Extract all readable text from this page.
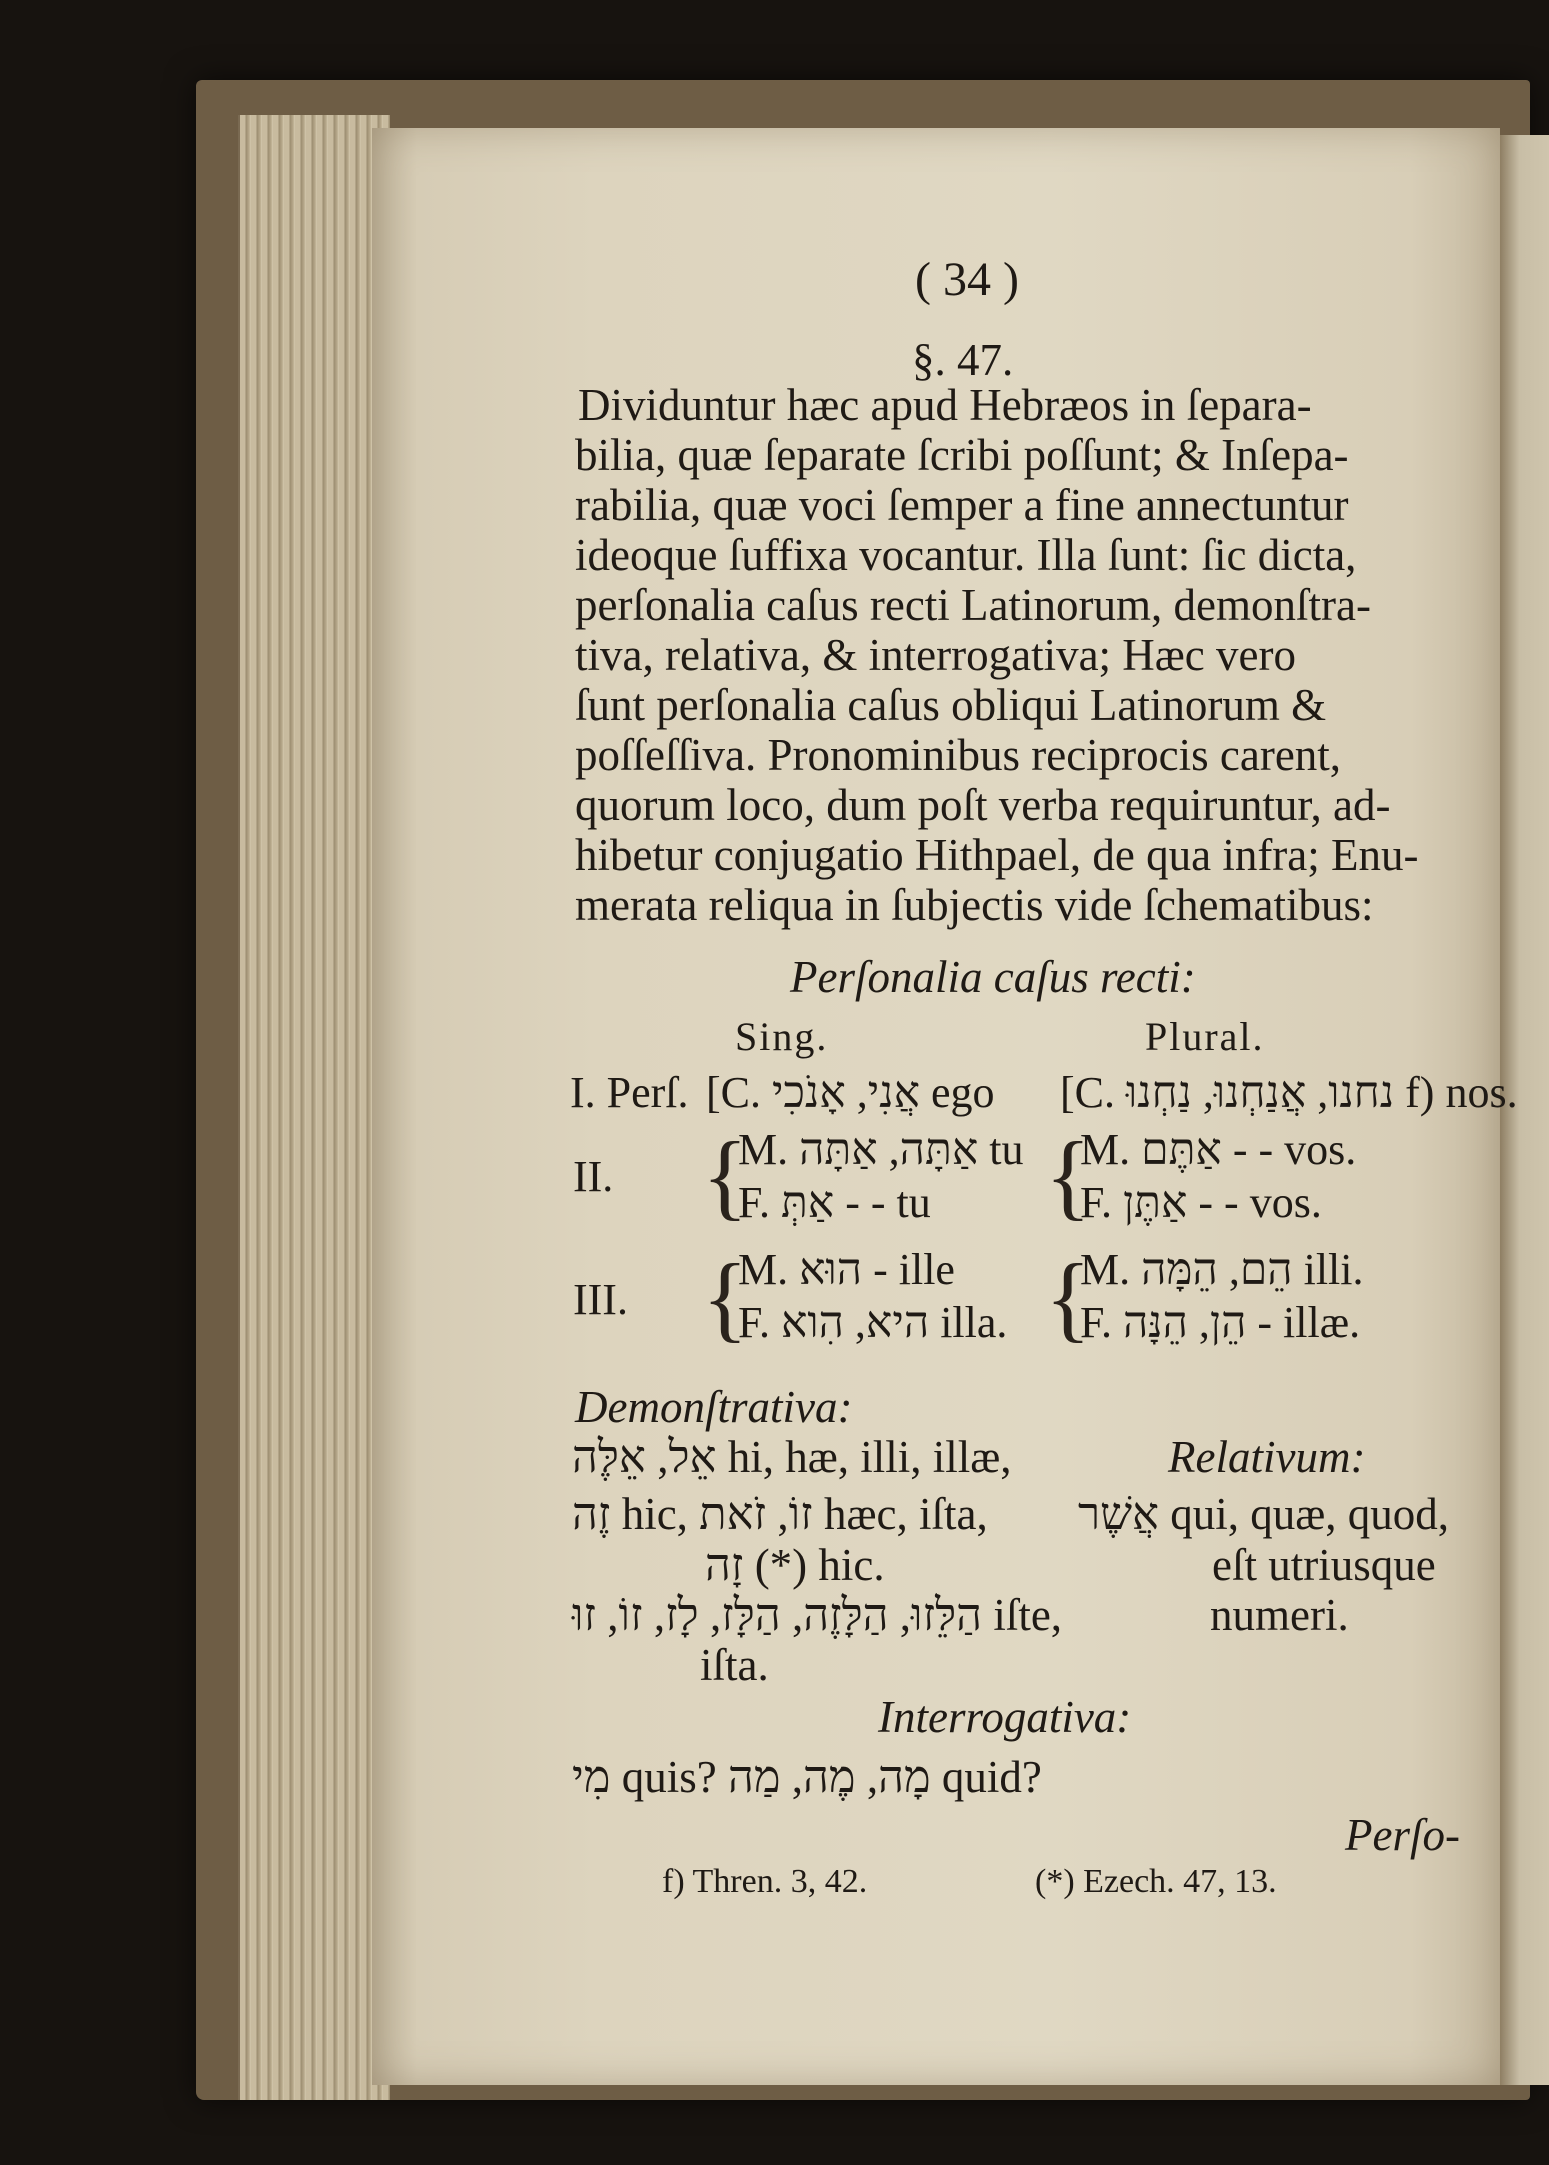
( 34 )

§. 47.

Dividuntur hæc apud Hebræos in ſepara-

bilia, quæ ſeparate ſcribi poſſunt; & Inſepa-

rabilia, quæ voci ſemper a fine annectuntur

ideoque ſuffixa vocantur. Illa ſunt: ſic dicta,

perſonalia caſus recti Latinorum, demonſtra-

tiva, relativa, & interrogativa; Hæc vero

ſunt perſonalia caſus obliqui Latinorum &

poſſeſſiva. Pronominibus reciprocis carent,

quorum loco, dum poſt verba requiruntur, ad-

hibetur conjugatio Hithpael, de qua infra; Enu-

merata reliqua in ſubjectis vide ſchematibus:

Perſonalia caſus recti:

Sing.	Plural.

I. Perſ. [C. אֲנִי, אָנֹכִי ego [C. נחנו, אֲנַחְנוּ, נַחְנוּ f) nos.

II. {

M. אַתָּה, אַתָּה tu

F. אַתְּ - - tu {

M. אַתֶּם - - vos.

F. אַתֶּן - - vos.

III. {

M. הוּא - ille

F. היא, הִוא illa. {

M. הֵם, הֵמָּה illi.

F. הֵן, הֵנָּה - illæ.

Demonſtrativa:

אֵל, אֵלֶּה hi, hæ, illi, illæ,

זֶה hic, זוֹ, זֹאת hæc, iſta,

זָה (*) hic.

הַלֵּזוּ, הַלָּזֶה, הַלָּז, לָז, זוֹ, זוּ iſte,

iſta.

Relativum:

אֲשֶׁר qui, quæ, quod,

eſt utriusque

numeri.

Interrogativa:

מִי quis? מָה, מֶה, מַה quid?

Perſo-

f) Thren. 3, 42.	(*) Ezech. 47, 13.
